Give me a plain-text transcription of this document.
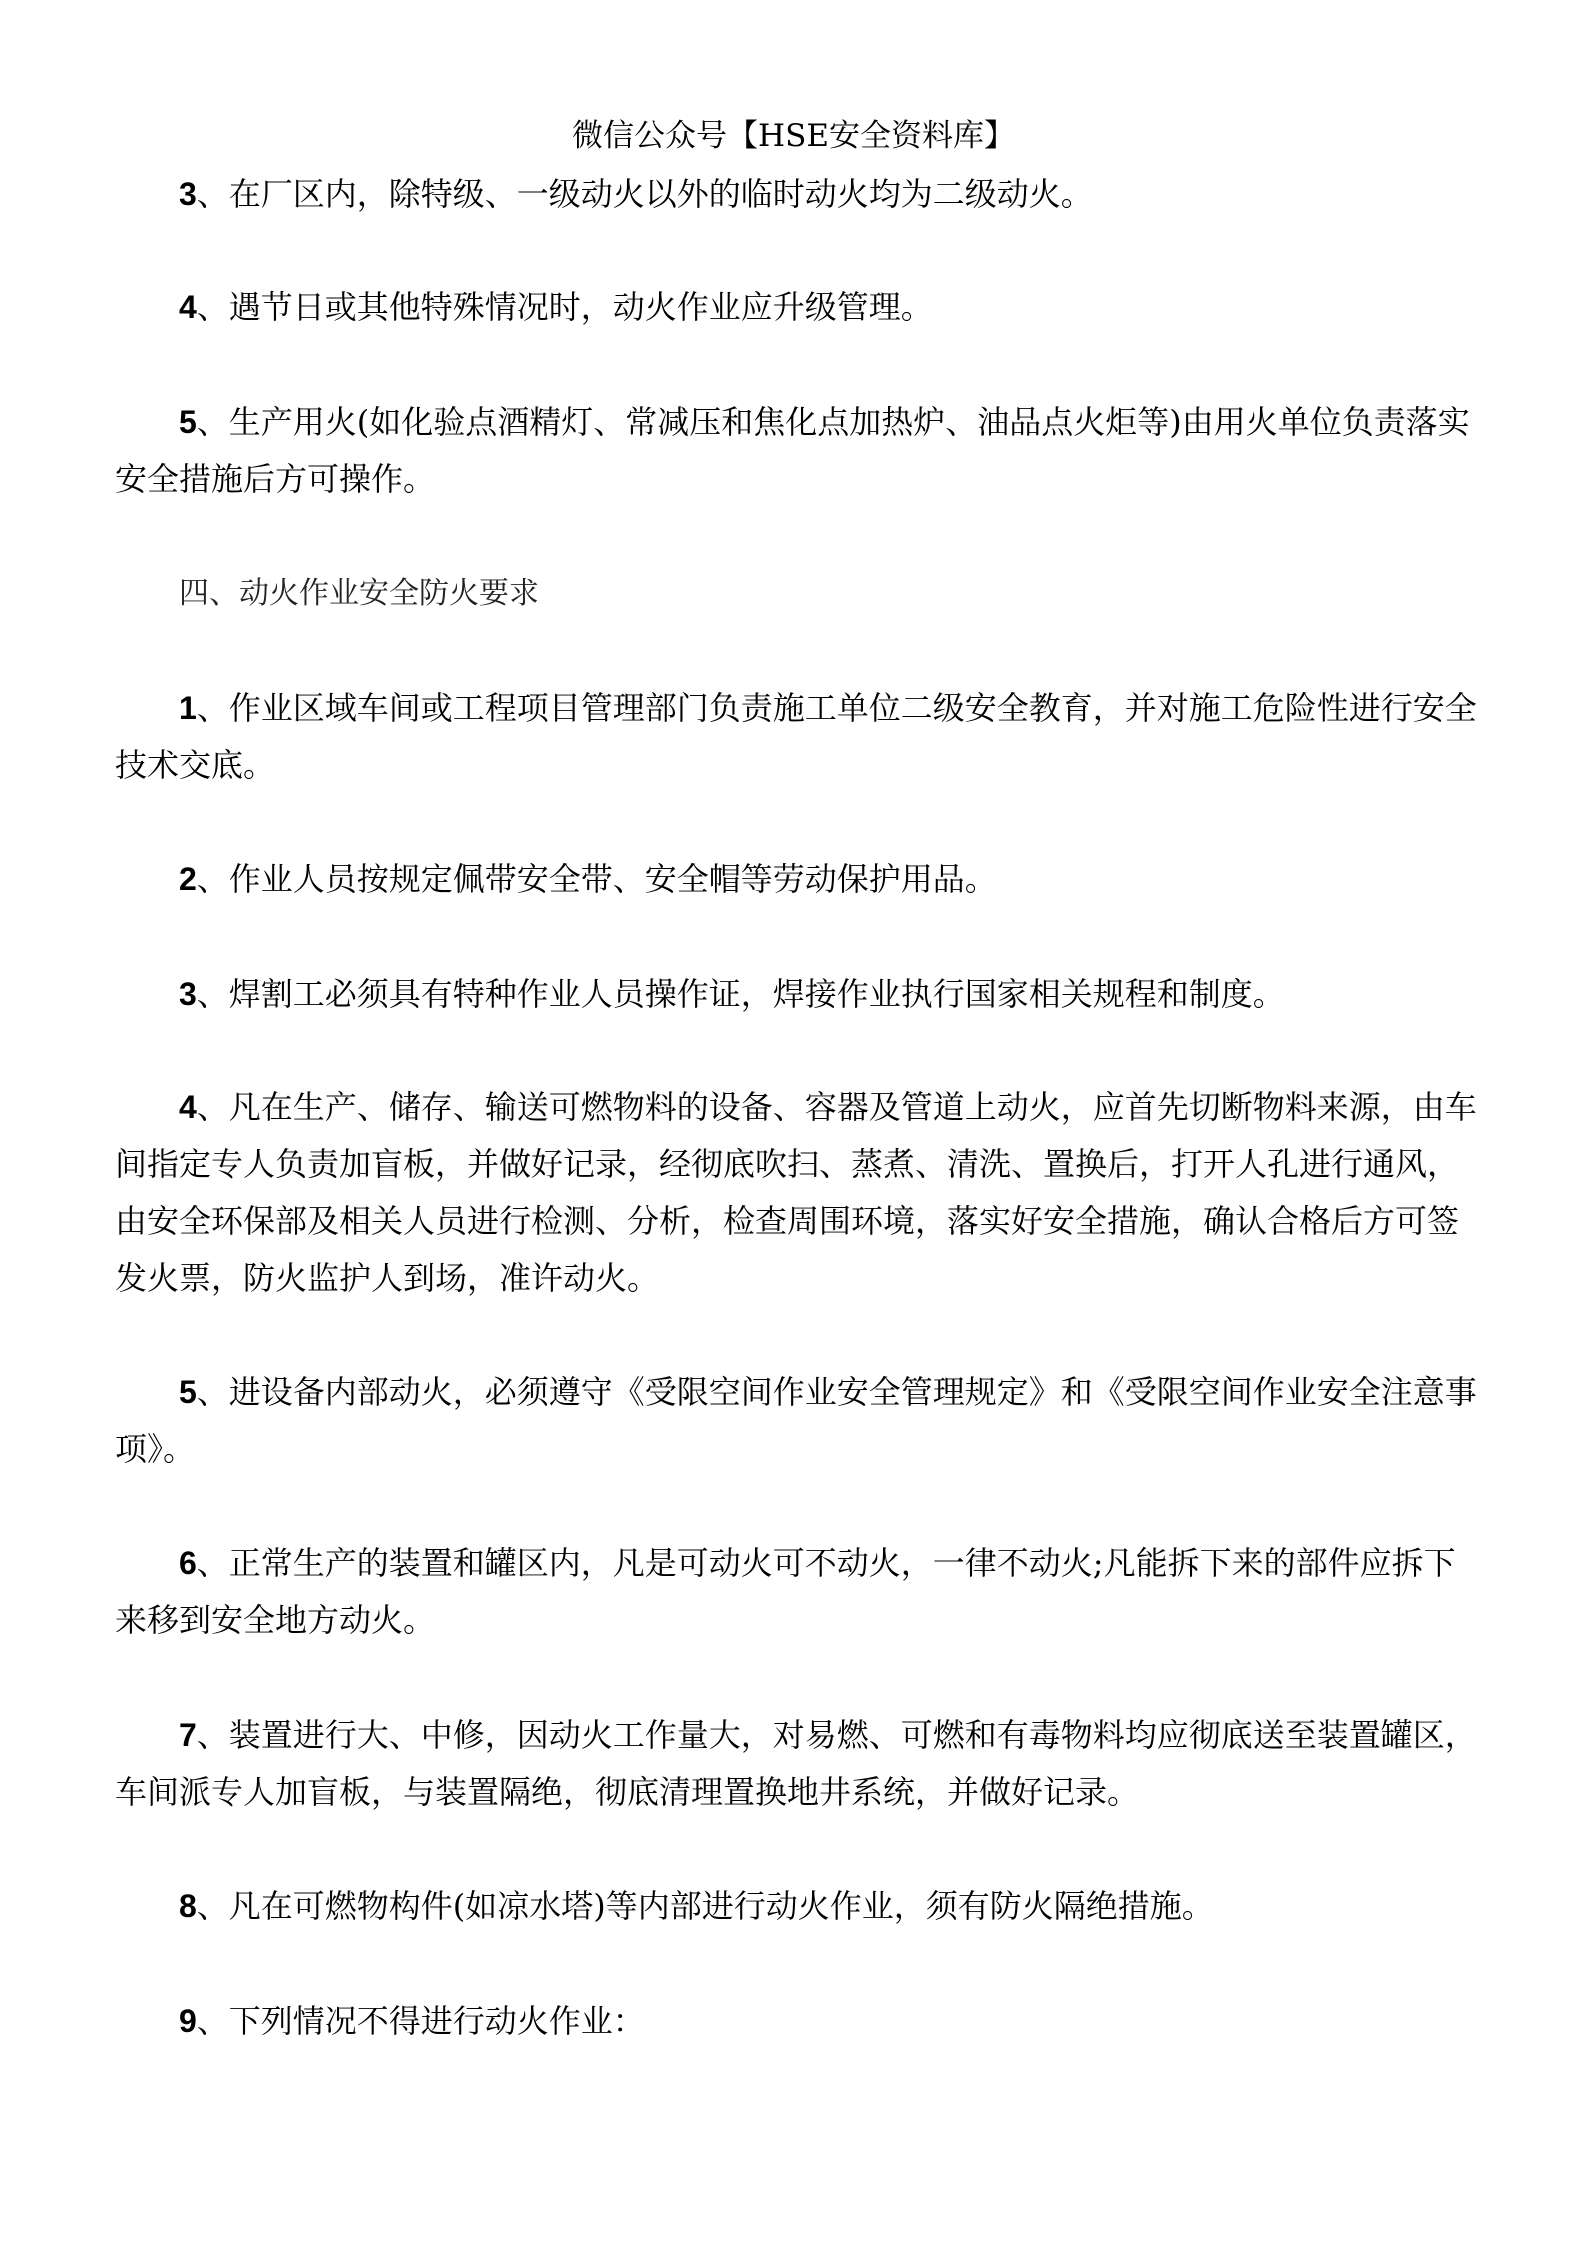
微信公众号【HSE安全资料库】

3、在厂区内，除特级、一级动火以外的临时动火均为二级动火。

4、遇节日或其他特殊情况时，动火作业应升级管理。

5、生产用火(如化验点酒精灯、常减压和焦化点加热炉、油品点火炬等)由用火单位负责落实安全措施后方可操作。

四、动火作业安全防火要求

1、作业区域车间或工程项目管理部门负责施工单位二级安全教育，并对施工危险性进行安全技术交底。

2、作业人员按规定佩带安全带、安全帽等劳动保护用品。

3、焊割工必须具有特种作业人员操作证，焊接作业执行国家相关规程和制度。

4、凡在生产、储存、输送可燃物料的设备、容器及管道上动火，应首先切断物料来源，由车间指定专人负责加盲板，并做好记录，经彻底吹扫、蒸煮、清洗、置换后，打开人孔进行通风，由安全环保部及相关人员进行检测、分析，检查周围环境，落实好安全措施，确认合格后方可签发火票，防火监护人到场，准许动火。

5、进设备内部动火，必须遵守《受限空间作业安全管理规定》和《受限空间作业安全注意事项》。

6、正常生产的装置和罐区内，凡是可动火可不动火，一律不动火;凡能拆下来的部件应拆下来移到安全地方动火。

7、装置进行大、中修，因动火工作量大，对易燃、可燃和有毒物料均应彻底送至装置罐区，车间派专人加盲板，与装置隔绝，彻底清理置换地井系统，并做好记录。

8、凡在可燃物构件(如凉水塔)等内部进行动火作业，须有防火隔绝措施。

9、下列情况不得进行动火作业：
